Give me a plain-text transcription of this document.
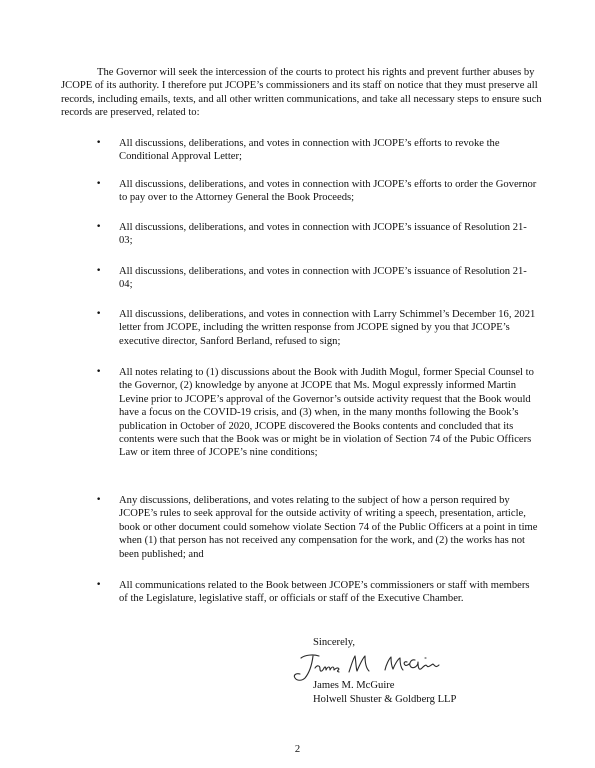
The Governor will seek the intercession of the courts to protect his rights and prevent further abuses by JCOPE of its authority. I therefore put JCOPE’s commissioners and its staff on notice that they must preserve all records, including emails, texts, and all other written communications, and take all necessary steps to ensure such records are preserved, related to:

• All discussions, deliberations, and votes in connection with JCOPE’s efforts to revoke the Conditional Approval Letter;

• All discussions, deliberations, and votes in connection with JCOPE’s efforts to order the Governor to pay over to the Attorney General the Book Proceeds;

• All discussions, deliberations, and votes in connection with JCOPE’s issuance of Resolution 21-03;

• All discussions, deliberations, and votes in connection with JCOPE’s issuance of Resolution 21-04;

• All discussions, deliberations, and votes in connection with Larry Schimmel’s December 16, 2021 letter from JCOPE, including the written response from JCOPE signed by you that JCOPE’s executive director, Sanford Berland, refused to sign;

• All notes relating to (1) discussions about the Book with Judith Mogul, former Special Counsel to the Governor, (2) knowledge by anyone at JCOPE that Ms. Mogul expressly informed Martin Levine prior to JCOPE’s approval of the Governor’s outside activity request that the Book would have a focus on the COVID-19 crisis, and (3) when, in the many months following the Book’s publication in October of 2020, JCOPE discovered the Books contents and concluded that its contents were such that the Book was or might be in violation of Section 74 of the Pubic Officers Law or item three of JCOPE’s nine conditions;

• Any discussions, deliberations, and votes relating to the subject of how a person required by JCOPE’s rules to seek approval for the outside activity of writing a speech, presentation, article, book or other document could somehow violate Section 74 of the Public Officers at a point in time when (1) that person has not received any compensation for the work, and (2) the works has not been published; and

• All communications related to the Book between JCOPE’s commissioners or staff with members of the Legislature, legislative staff, or officials or staff of the Executive Chamber.

Sincerely,
James M. McGuire
Holwell Shuster & Goldberg LLP
2
